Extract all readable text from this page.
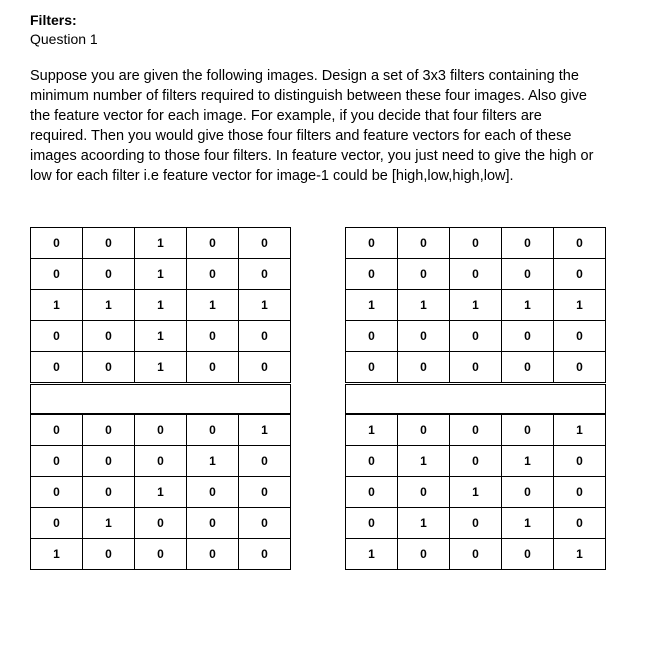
Filters:
Question 1
Suppose you are given the following images. Design a set of 3x3 filters containing the
minimum number of filters required to distinguish between these four images. Also give
the feature vector for each image. For example, if you decide that four filters are
required. Then you would give those four filters and feature vectors for each of these
images acoording to those four filters. In feature vector, you just need to give the high or
low for each filter i.e feature vector for image-1 could be [high,low,high,low].
0	0	1	0	0
0	0	1	0	0
1	1	1	1	1
0	0	1	0	0
0	0	1	0	0
0	0	0	0	1
0	0	0	1	0
0	0	1	0	0
0	1	0	0	0
1	0	0	0	0
0	0	0	0	0
0	0	0	0	0
1	1	1	1	1
0	0	0	0	0
0	0	0	0	0
1	0	0	0	1
0	1	0	1	0
0	0	1	0	0
0	1	0	1	0
1	0	0	0	1
